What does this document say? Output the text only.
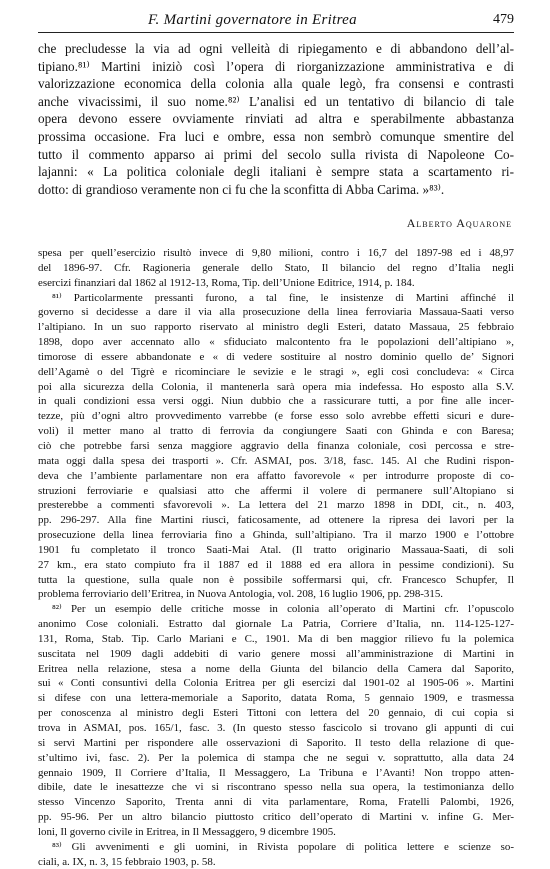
F. Martini governatore in Eritrea	479
che precludesse la via ad ogni velleità di ripiegamento e di abbandono dell’al-
tipiano.⁸¹⁾ Martini iniziò così l’opera di riorganizzazione amministrativa e di
valorizzazione economica della colonia alla quale legò, fra consensi e contrasti
anche vivacissimi, il suo nome.⁸²⁾ L’analisi ed un tentativo di bilancio di tale
opera devono essere ovviamente rinviati ad altra e sperabilmente abbastanza
prossima occasione. Fra luci e ombre, essa non sembrò comunque smentire del
tutto il commento apparso ai primi del secolo sulla rivista di Napoleone Co-
lajanni: « La politica coloniale degli italiani è sempre stata a scartamento ri-
dotto: di grandioso veramente non ci fu che la sconfitta di Abba Carima. »⁸³⁾.
Alberto Aquarone
spesa per quell’esercizio risultò invece di 9,80 milioni, contro i 16,7 del 1897-98 ed i 48,97
del 1896-97. Cfr. Ragioneria generale dello Stato, Il bilancio del regno d’Italia negli
esercizi finanziari dal 1862 al 1912-13, Roma, Tip. dell’Unione Editrice, 1914, p. 184.
⁸¹⁾ Particolarmente pressanti furono, a tal fine, le insistenze di Martini affinché il
governo si decidesse a dare il via alla prosecuzione della linea ferroviaria Massaua-Saati verso
l’altipiano. In un suo rapporto riservato al ministro degli Esteri, datato Massaua, 25 febbraio
1898, dopo aver accennato allo « sfiduciato malcontento fra le popolazioni dell’altipiano »,
timorose di essere abbandonate e « di vedere sostituire al nostro dominio quello de’ Signori
dell’Agamè o del Tigrè e ricominciare le sevizie e le stragi », egli così concludeva: « Circa
poi alla sicurezza della Colonia, il mantenerla sarà opera mia indefessa. Ho esposto alla S.V.
in quali condizioni essa versi oggi. Niun dubbio che a rassicurare tutti, a por fine alle incer-
tezze, più d’ogni altro provvedimento varrebbe (e forse esso solo avrebbe effetti sicuri e dure-
voli) il metter mano al tratto di ferrovia da congiungere Saati con Ghinda e con Baresa;
ciò che potrebbe farsi senza maggiore aggravio della finanza coloniale, così percossa e stre-
mata oggi dalla spesa dei trasporti ». Cfr. ASMAI, pos. 3/18, fasc. 145. Al che Rudinì rispon-
deva che l’ambiente parlamentare non era affatto favorevole « per introdurre proposte di co-
struzioni ferroviarie e qualsiasi atto che affermi il volere di permanere sull’Altopiano si
presterebbe a commenti sfavorevoli ». La lettera del 21 marzo 1898 in DDI, cit., n. 403,
pp. 296-297. Alla fine Martini riuscì, faticosamente, ad ottenere la ripresa dei lavori per la
prosecuzione della linea ferroviaria fino a Ghinda, sull’altipiano. Tra il marzo 1900 e l’ottobre
1901 fu completato il tronco Saati-Mai Atal. (Il tratto originario Massaua-Saati, di soli
27 km., era stato compiuto fra il 1887 ed il 1888 ed era allora in pessime condizioni). Su
tutta la questione, sulla quale non è possibile soffermarsi qui, cfr. Francesco Schupfer, Il
problema ferroviario dell’Eritrea, in Nuova Antologia, vol. 208, 16 luglio 1906, pp. 298-315.
⁸²⁾ Per un esempio delle critiche mosse in colonia all’operato di Martini cfr. l’opuscolo
anonimo Cose coloniali. Estratto dal giornale La Patria, Corriere d’Italia, nn. 114-125-127-
131, Roma, Stab. Tip. Carlo Mariani e C., 1901. Ma di ben maggior rilievo fu la polemica
suscitata nel 1909 dagli addebiti di vario genere mossi all’amministrazione di Martini in
Eritrea nella relazione, stesa a nome della Giunta del bilancio della Camera dal Saporito,
sui « Conti consuntivi della Colonia Eritrea per gli esercizi dal 1901-02 al 1905-06 ». Martini
si difese con una lettera-memoriale a Saporito, datata Roma, 5 gennaio 1909, e trasmessa
per conoscenza al ministro degli Esteri Tittoni con lettera del 20 gennaio, di cui copia si
trova in ASMAI, pos. 165/1, fasc. 3. (In questo stesso fascicolo si trovano gli appunti di cui
si servì Martini per rispondere alle osservazioni di Saporito. Il testo della relazione di que-
st’ultimo ivi, fasc. 2). Per la polemica di stampa che ne seguì v. soprattutto, alla data 24
gennaio 1909, Il Corriere d’Italia, Il Messaggero, La Tribuna e l’Avanti! Non troppo atten-
dibile, date le inesattezze che vi si riscontrano spesso nella sua opera, la testimonianza dello
stesso Vincenzo Saporito, Trenta anni di vita parlamentare, Roma, Fratelli Palombi, 1926,
pp. 95-96. Per un altro bilancio piuttosto critico dell’operato di Martini v. infine G. Mer-
loni, Il governo civile in Eritrea, in Il Messaggero, 9 dicembre 1905.
⁸³⁾ Gli avvenimenti e gli uomini, in Rivista popolare di politica lettere e scienze so-
ciali, a. IX, n. 3, 15 febbraio 1903, p. 58.
